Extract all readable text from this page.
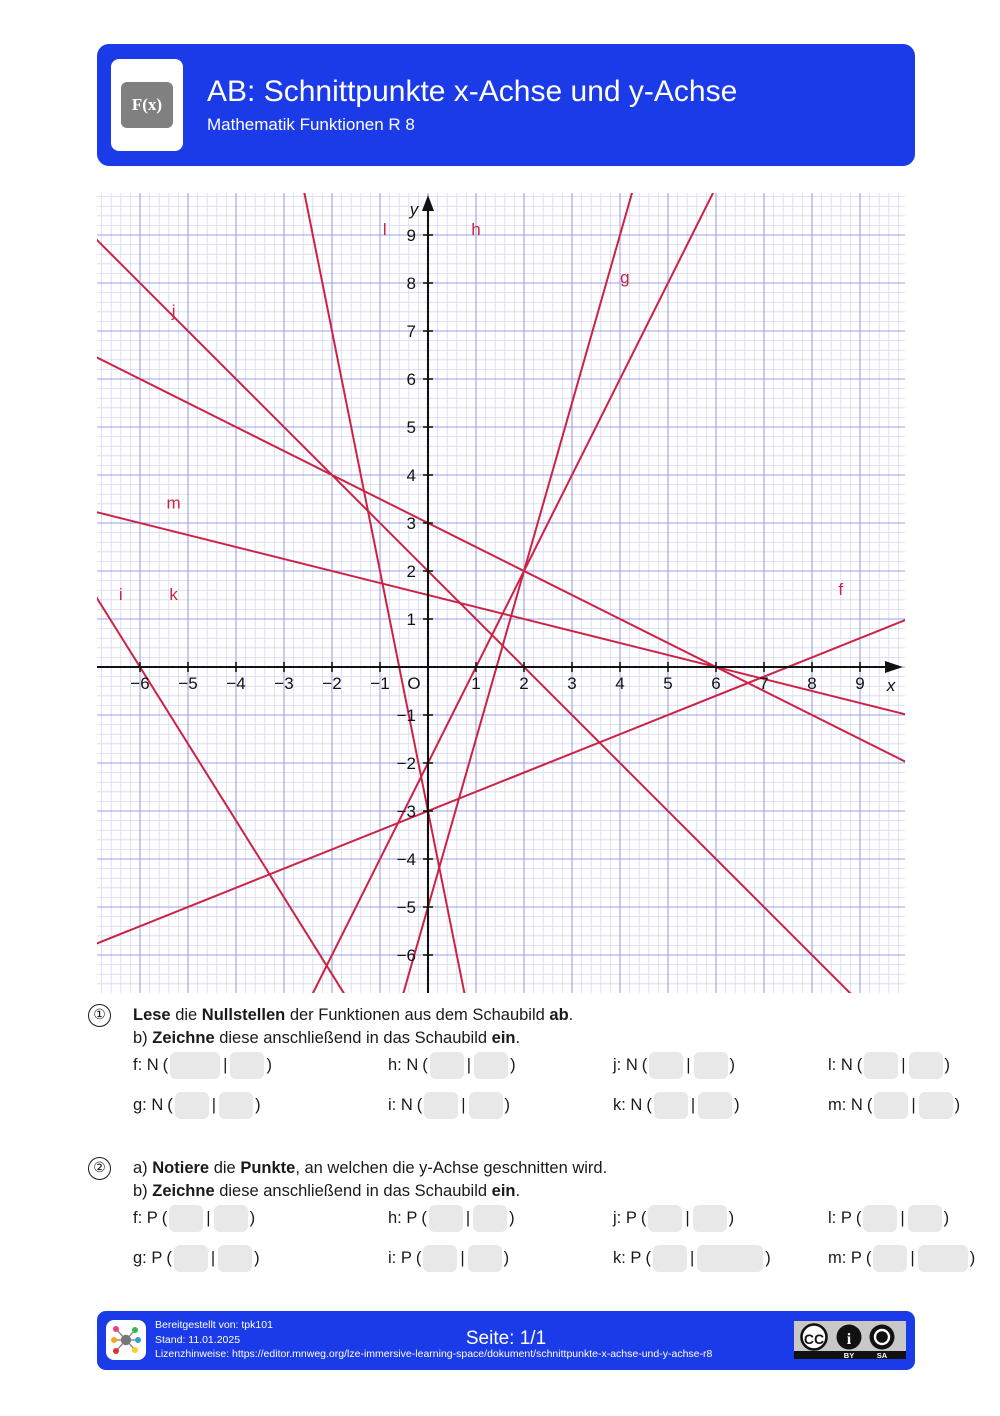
F(x)	AB: Schnittpunkte x-Achse und y-Achse
Mathematik Funktionen R 8
−6 −5 −4 −3 −2 −1	1 2 3 4 5 6 7 8 9
9
8
7
6
5
4
3
2
1
−1
−2
−3
−4
−5
−6
O	x
y
f
g
h
i
j
k
l
m
①	Lese die Nullstellen der Funktionen aus dem Schaubild ab.
b) Zeichne diese anschließend in das Schaubild ein.
f: N (	| )	h: N ( | )	j: N ( | )	l: N ( | )
g: N ( | )	i: N ( | )	k: N ( | )	m: N ( | )
②	a) Notiere die Punkte, an welchen die y-Achse geschnitten wird.
b) Zeichne diese anschließend in das Schaubild ein.
f: P ( | )	h: P ( | )	j: P ( | )	l: P ( | )
g: P ( | )	i: P ( | )	k: P ( |	)	m: P ( |	)
Bereitgestellt von: tpk101
Stand: 11.01.2025
Lizenzhinweise: https://editor.mnweg.org/lze-immersive-learning-space/dokument/schnittpunkte-x-achse-und-y-achse-r8
Seite: 1/1	CC i
BY	SA
